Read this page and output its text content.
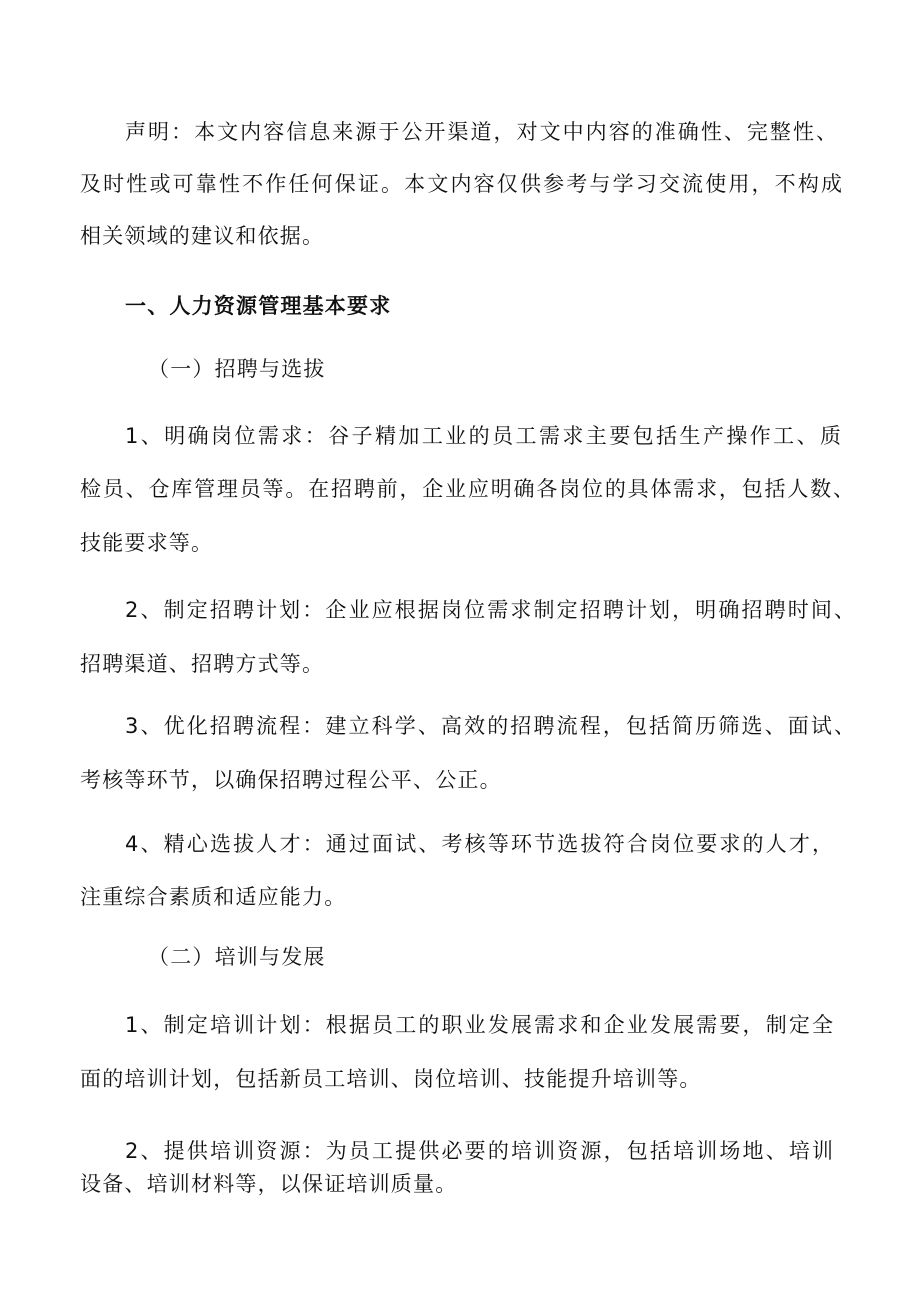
声明：本文内容信息来源于公开渠道，对文中内容的准确性、完整性、
及时性或可靠性不作任何保证。本文内容仅供参考与学习交流使用，不构成
相关领域的建议和依据。
一、人力资源管理基本要求
（一）招聘与选拔
1、明确岗位需求：谷子精加工业的员工需求主要包括生产操作工、质
检员、仓库管理员等。在招聘前，企业应明确各岗位的具体需求，包括人数、
技能要求等。
2、制定招聘计划：企业应根据岗位需求制定招聘计划，明确招聘时间、
招聘渠道、招聘方式等。
3、优化招聘流程：建立科学、高效的招聘流程，包括简历筛选、面试、
考核等环节，以确保招聘过程公平、公正。
4、精心选拔人才：通过面试、考核等环节选拔符合岗位要求的人才，
注重综合素质和适应能力。
（二）培训与发展
1、制定培训计划：根据员工的职业发展需求和企业发展需要，制定全
面的培训计划，包括新员工培训、岗位培训、技能提升培训等。
2、提供培训资源：为员工提供必要的培训资源，包括培训场地、培训
设备、培训材料等，以保证培训质量。
